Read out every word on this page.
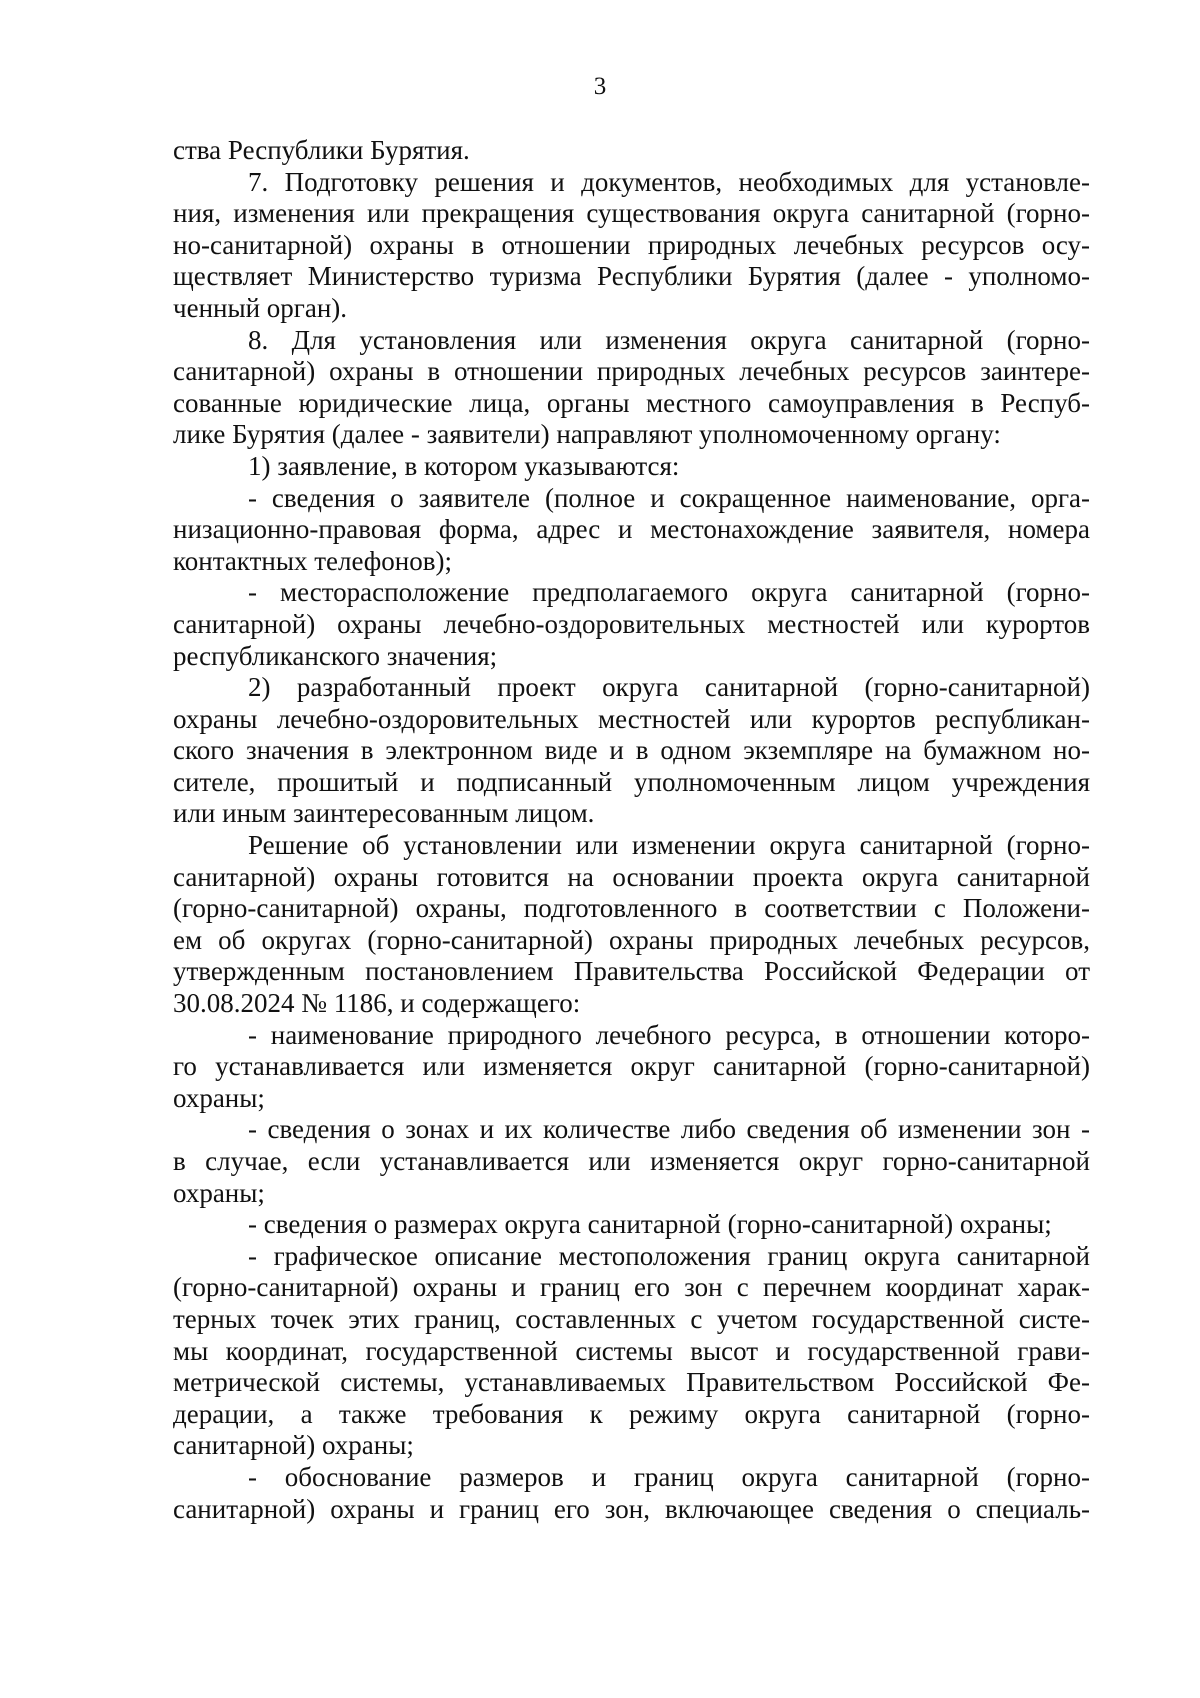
3
ства Республики Бурятия.
7. Подготовку решения и документов, необходимых для установле-
ния, изменения или прекращения существования округа санитарной (горно-
но-санитарной) охраны в отношении природных лечебных ресурсов осу-
ществляет Министерство туризма Республики Бурятия (далее - уполномо-
ченный орган).
8. Для установления или изменения округа санитарной (горно-
санитарной) охраны в отношении природных лечебных ресурсов заинтере-
сованные юридические лица, органы местного самоуправления в Респуб-
лике Бурятия (далее - заявители) направляют уполномоченному органу:
1) заявление, в котором указываются:
- сведения о заявителе (полное и сокращенное наименование, орга-
низационно-правовая форма, адрес и местонахождение заявителя, номера
контактных телефонов);
- месторасположение предполагаемого округа санитарной (горно-
санитарной) охраны лечебно-оздоровительных местностей или курортов
республиканского значения;
2) разработанный проект округа санитарной (горно-санитарной)
охраны лечебно-оздоровительных местностей или курортов республикан-
ского значения в электронном виде и в одном экземпляре на бумажном но-
сителе, прошитый и подписанный уполномоченным лицом учреждения
или иным заинтересованным лицом.
Решение об установлении или изменении округа санитарной (горно-
санитарной) охраны готовится на основании проекта округа санитарной
(горно-санитарной) охраны, подготовленного в соответствии с Положени-
ем об округах (горно-санитарной) охраны природных лечебных ресурсов,
утвержденным постановлением Правительства Российской Федерации от
30.08.2024 № 1186, и содержащего:
- наименование природного лечебного ресурса, в отношении которо-
го устанавливается или изменяется округ санитарной (горно-санитарной)
охраны;
- сведения о зонах и их количестве либо сведения об изменении зон -
в случае, если устанавливается или изменяется округ горно-санитарной
охраны;
- сведения о размерах округа санитарной (горно-санитарной) охраны;
- графическое описание местоположения границ округа санитарной
(горно-санитарной) охраны и границ его зон с перечнем координат харак-
терных точек этих границ, составленных с учетом государственной систе-
мы координат, государственной системы высот и государственной грави-
метрической системы, устанавливаемых Правительством Российской Фе-
дерации, а также требования к режиму округа санитарной (горно-
санитарной) охраны;
- обоснование размеров и границ округа санитарной (горно-
санитарной) охраны и границ его зон, включающее сведения о специаль-
